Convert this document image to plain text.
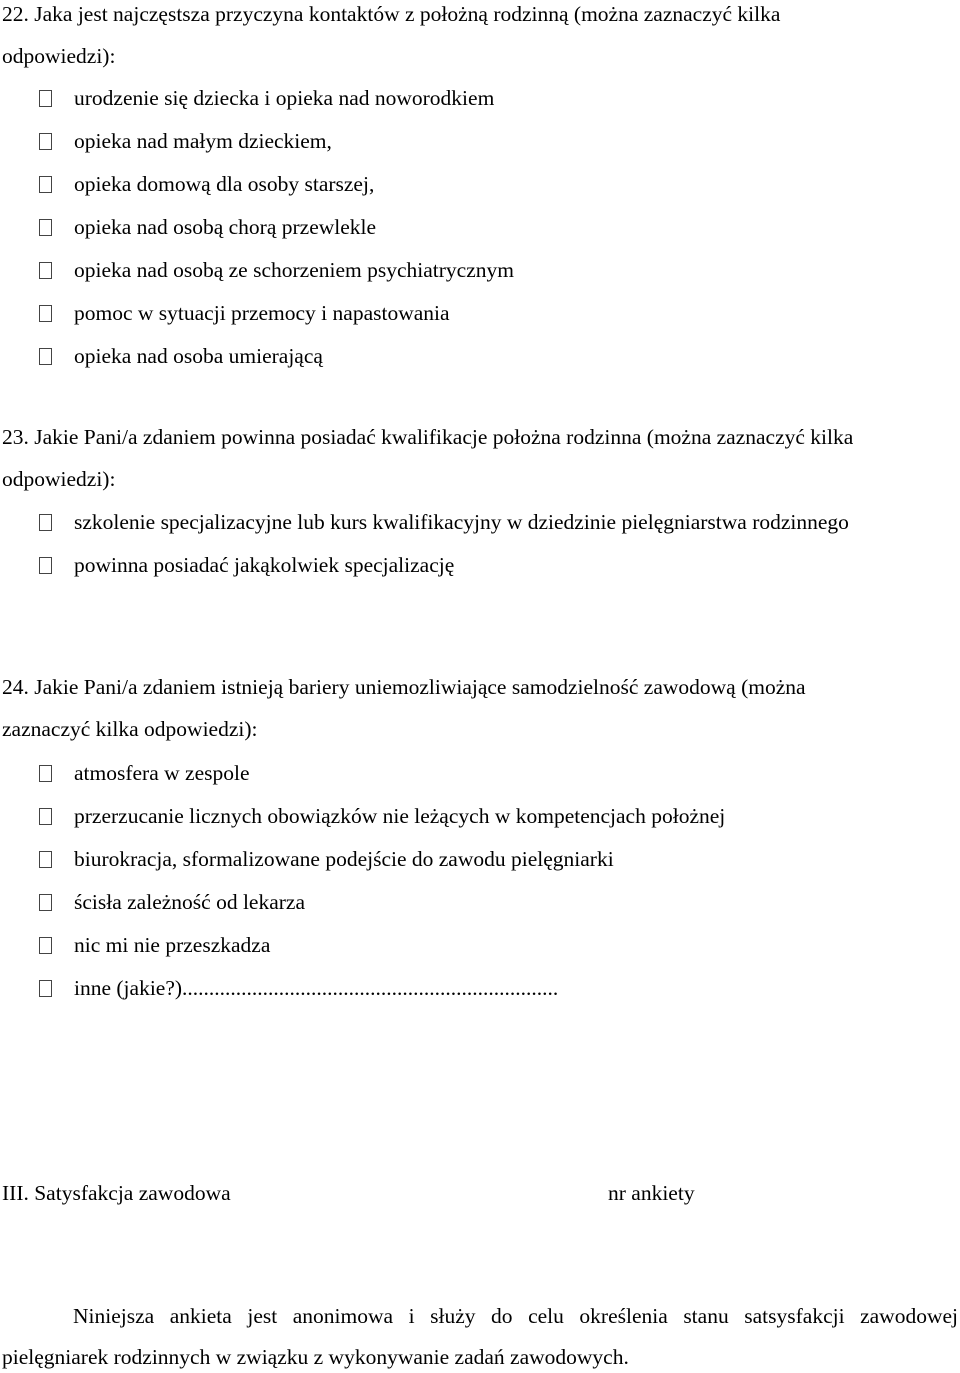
22. Jaka jest najczęstsza przyczyna kontaktów z położną rodzinną (można zaznaczyć kilka
odpowiedzi):
urodzenie się dziecka i opieka nad noworodkiem
opieka nad małym dzieckiem,
opieka domową dla osoby starszej,
opieka nad osobą chorą przewlekle
opieka nad osobą ze schorzeniem psychiatrycznym
pomoc w sytuacji przemocy i napastowania
opieka nad osoba umierającą
23. Jakie Pani/a zdaniem powinna posiadać kwalifikacje położna rodzinna (można zaznaczyć kilka
odpowiedzi):
szkolenie specjalizacyjne lub kurs kwalifikacyjny w dziedzinie pielęgniarstwa rodzinnego
powinna posiadać jakąkolwiek specjalizację
24. Jakie Pani/a zdaniem istnieją bariery uniemozliwiające samodzielność zawodową (można
zaznaczyć kilka odpowiedzi):
atmosfera w zespole
przerzucanie licznych obowiązków nie leżących w kompetencjach położnej
biurokracja, sformalizowane podejście do zawodu pielęgniarki
ścisła zależność od lekarza
nic mi nie przeszkadza
inne (jakie?)......................................................................
III. Satysfakcja zawodowa	nr ankiety
Niniejsza ankieta jest anonimowa i służy do celu określenia stanu satsysfakcji zawodowej
pielęgniarek rodzinnych w związku z wykonywanie zadań zawodowych.
